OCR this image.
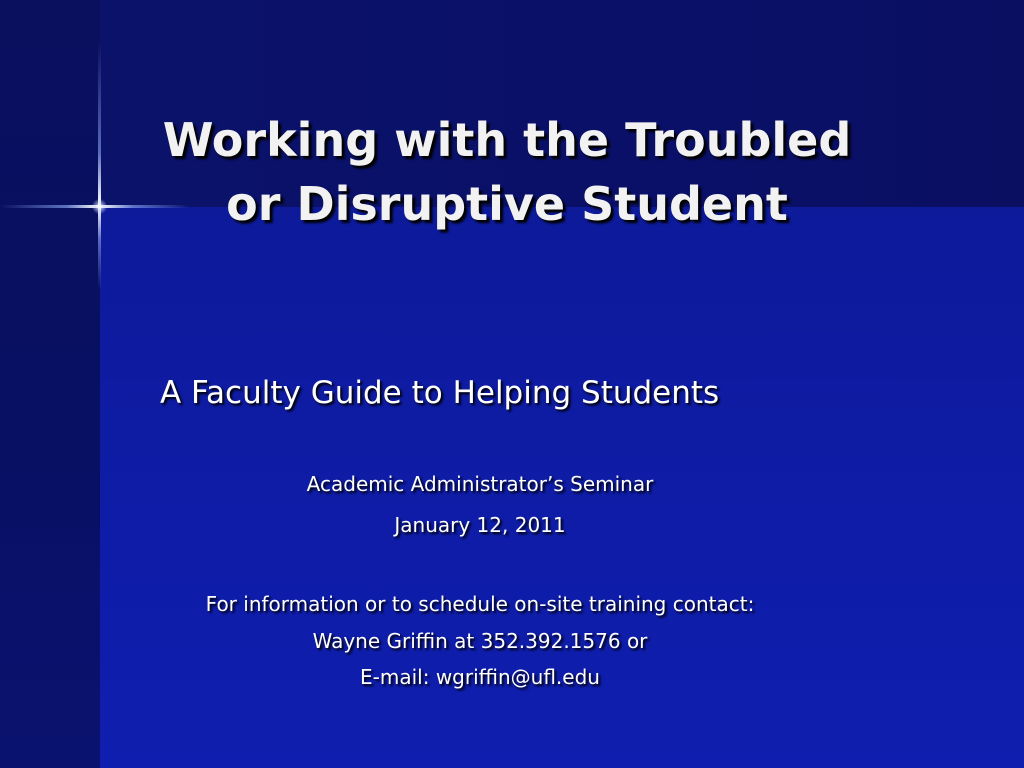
Working with the Troubled
or Disruptive Student
A Faculty Guide to Helping Students
Academic Administrator’s Seminar
January 12, 2011
For information or to schedule on-site training contact:
Wayne Griffin at 352.392.1576 or
E-mail: wgriffin@ufl.edu
